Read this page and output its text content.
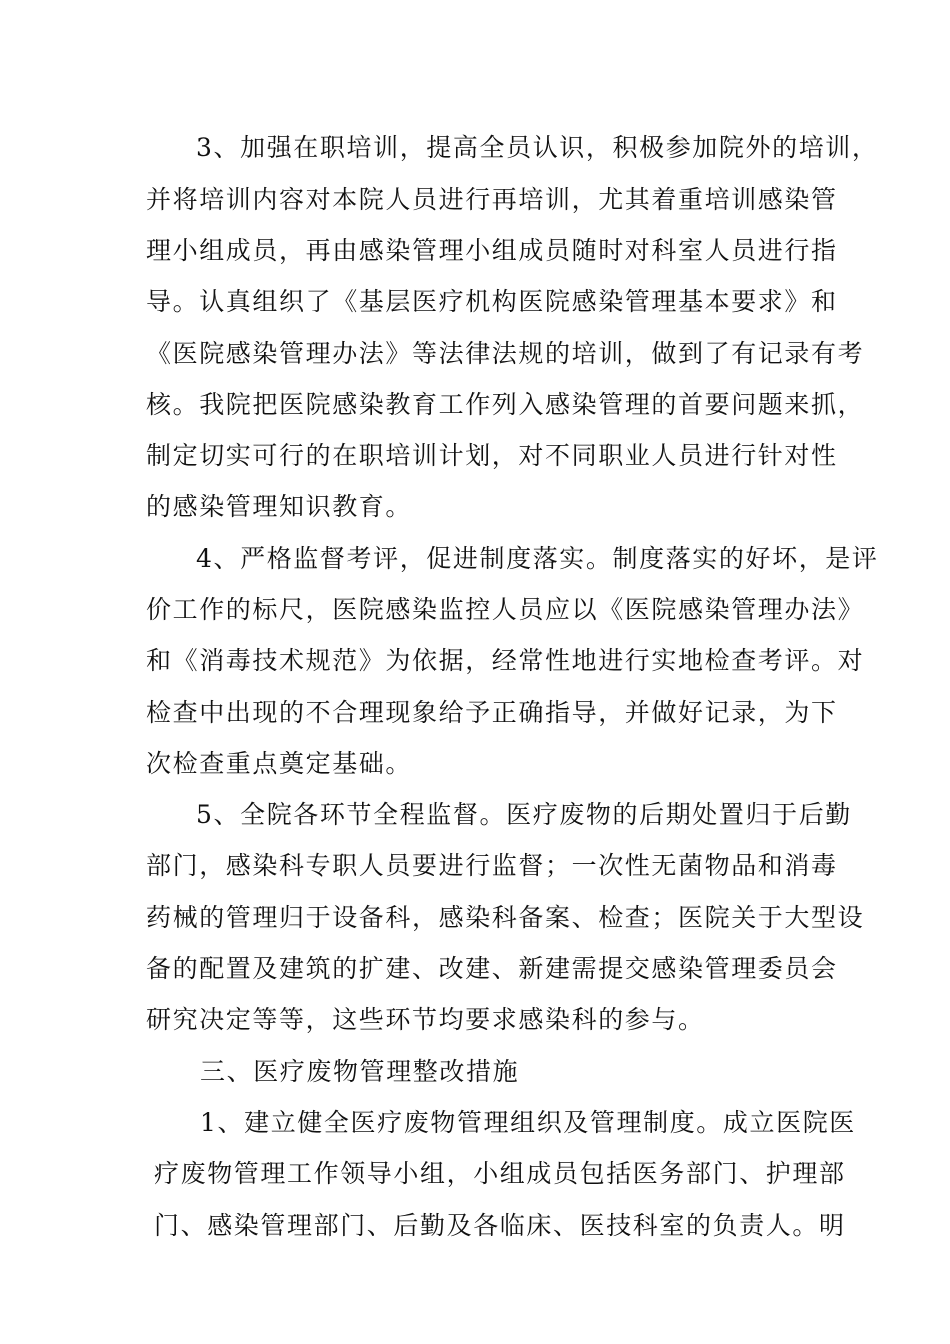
3、加强在职培训，提高全员认识，积极参加院外的培训，
并将培训内容对本院人员进行再培训，尤其着重培训感染管
理小组成员，再由感染管理小组成员随时对科室人员进行指
导。认真组织了《基层医疗机构医院感染管理基本要求》和
《医院感染管理办法》等法律法规的培训，做到了有记录有考
核。我院把医院感染教育工作列入感染管理的首要问题来抓，
制定切实可行的在职培训计划，对不同职业人员进行针对性
的感染管理知识教育。
4、严格监督考评，促进制度落实。制度落实的好坏，是评
价工作的标尺，医院感染监控人员应以《医院感染管理办法》
和《消毒技术规范》为依据，经常性地进行实地检查考评。对
检查中出现的不合理现象给予正确指导，并做好记录，为下
次检查重点奠定基础。
5、全院各环节全程监督。医疗废物的后期处置归于后勤
部门，感染科专职人员要进行监督；一次性无菌物品和消毒
药械的管理归于设备科，感染科备案、检查；医院关于大型设
备的配置及建筑的扩建、改建、新建需提交感染管理委员会
研究决定等等，这些环节均要求感染科的参与。
三、医疗废物管理整改措施
1、建立健全医疗废物管理组织及管理制度。成立医院医
疗废物管理工作领导小组，小组成员包括医务部门、护理部
门、感染管理部门、后勤及各临床、医技科室的负责人。明
